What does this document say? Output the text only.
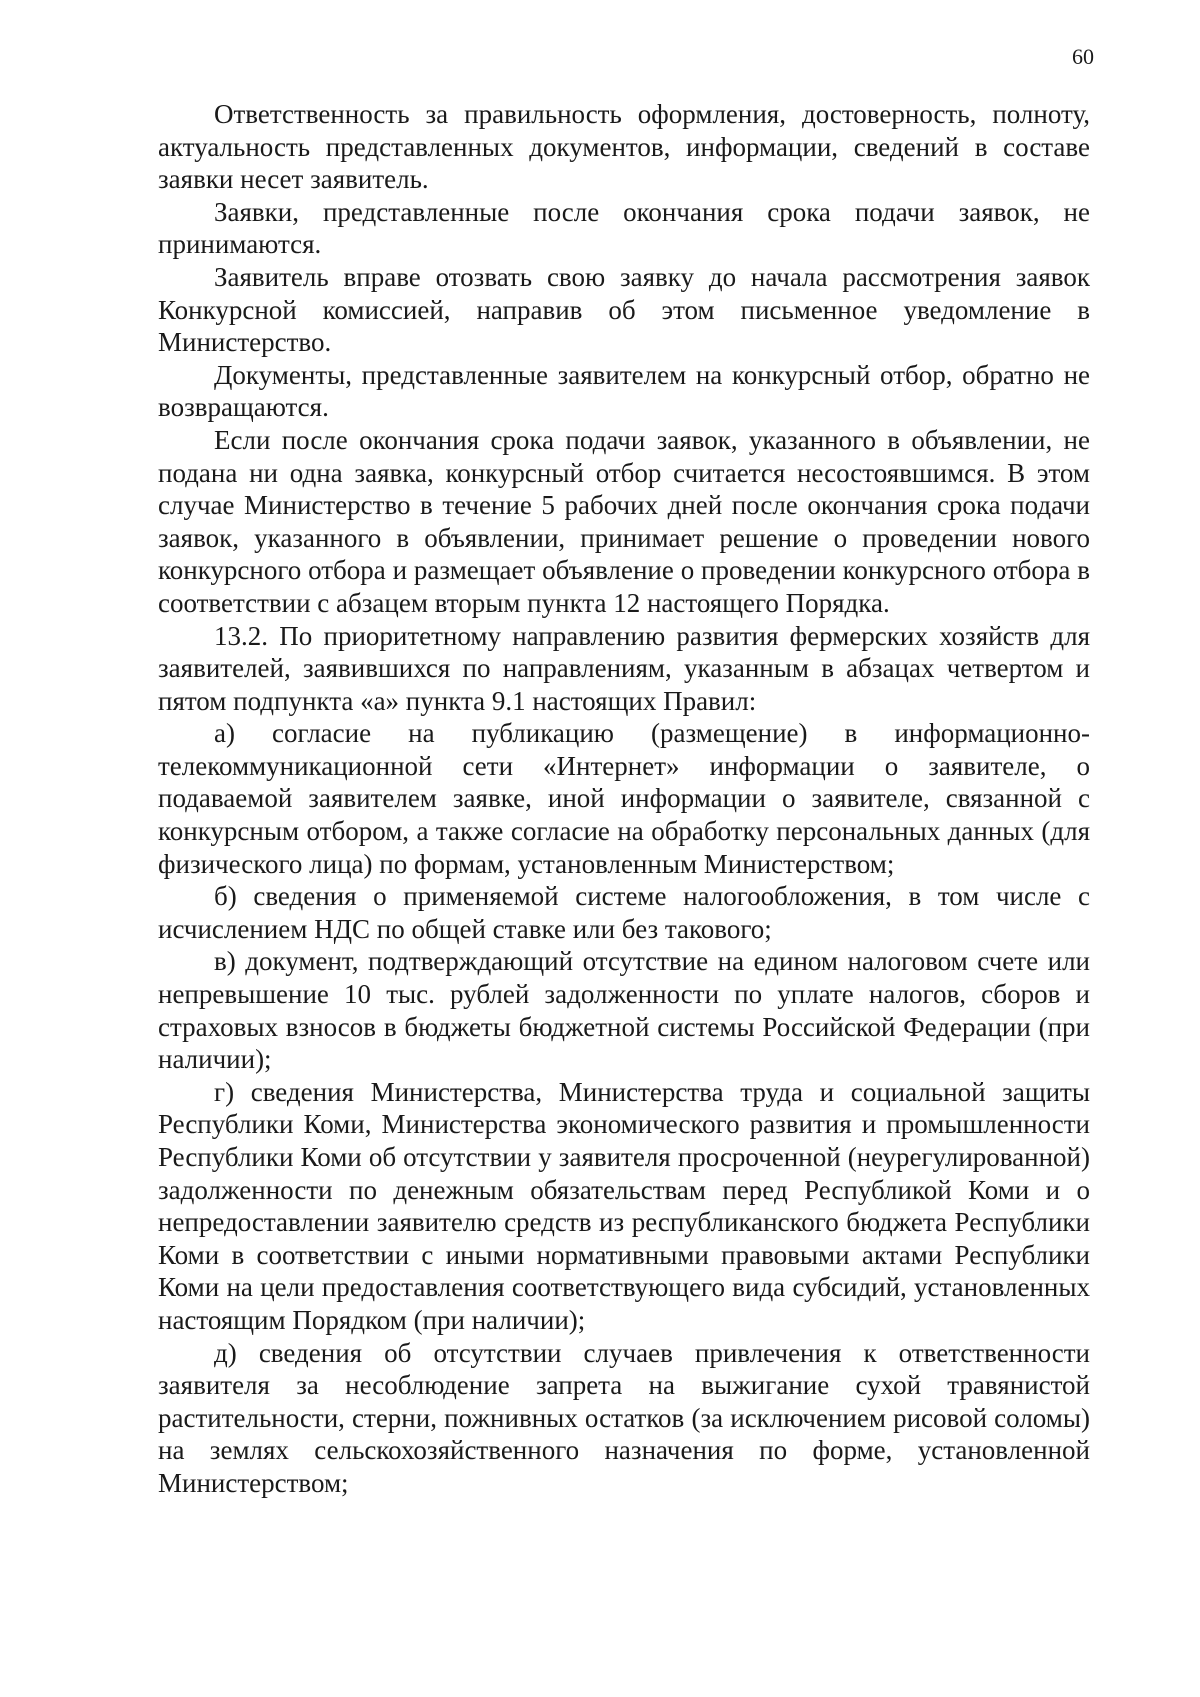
60

Ответственность за правильность оформления, достоверность, полноту, актуальность представленных документов, информации, сведений в составе заявки несет заявитель.

Заявки, представленные после окончания срока подачи заявок, не принимаются.

Заявитель вправе отозвать свою заявку до начала рассмотрения заявок Конкурсной комиссией, направив об этом письменное уведомление в Министерство.

Документы, представленные заявителем на конкурсный отбор, обратно не возвращаются.

Если после окончания срока подачи заявок, указанного в объявлении, не подана ни одна заявка, конкурсный отбор считается несостоявшимся. В этом случае Министерство в течение 5 рабочих дней после окончания срока подачи заявок, указанного в объявлении, принимает решение о проведении нового конкурсного отбора и размещает объявление о проведении конкурсного отбора в соответствии с абзацем вторым пункта 12 настоящего Порядка.

13.2. По приоритетному направлению развития фермерских хозяйств для заявителей, заявившихся по направлениям, указанным в абзацах четвертом и пятом подпункта «а» пункта 9.1 настоящих Правил:

а) согласие на публикацию (размещение) в информационно-телекоммуникационной сети «Интернет» информации о заявителе, о подаваемой заявителем заявке, иной информации о заявителе, связанной с конкурсным отбором, а также согласие на обработку персональных данных (для физического лица) по формам, установленным Министерством;

б) сведения о применяемой системе налогообложения, в том числе с исчислением НДС по общей ставке или без такового;

в) документ, подтверждающий отсутствие на едином налоговом счете или непревышение 10 тыс. рублей задолженности по уплате налогов, сборов и страховых взносов в бюджеты бюджетной системы Российской Федерации (при наличии);

г) сведения Министерства, Министерства труда и социальной защиты Республики Коми, Министерства экономического развития и промышленности Республики Коми об отсутствии у заявителя просроченной (неурегулированной) задолженности по денежным обязательствам перед Республикой Коми и о непредоставлении заявителю средств из республиканского бюджета Республики Коми в соответствии с иными нормативными правовыми актами Республики Коми на цели предоставления соответствующего вида субсидий, установленных настоящим Порядком (при наличии);

д) сведения об отсутствии случаев привлечения к ответственности заявителя за несоблюдение запрета на выжигание сухой травянистой растительности, стерни, пожнивных остатков (за исключением рисовой соломы) на землях сельскохозяйственного назначения по форме, установленной Министерством;
